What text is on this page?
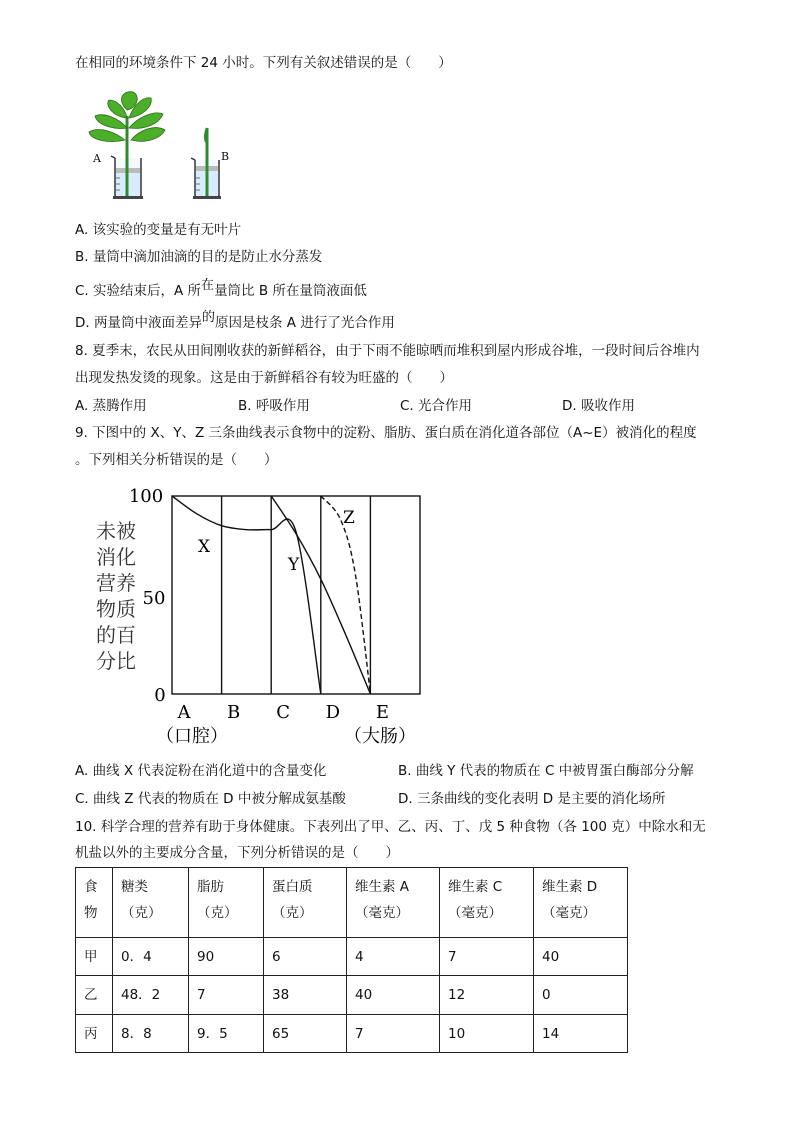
在相同的环境条件下 24 小时。下列有关叙述错误的是（　　）
A	B
A. 该实验的变量是有无叶片
B. 量筒中滴加油滴的目的是防止水分蒸发
C. 实验结束后，A 所在量筒比 B 所在量筒液面低
D. 两量筒中液面差异的原因是枝条 A 进行了光合作用
8. 夏季末，农民从田间刚收获的新鲜稻谷，由于下雨不能晾晒而堆积到屋内形成谷堆，一段时间后谷堆内
出现发热发烫的现象。这是由于新鲜稻谷有较为旺盛的（　　）
A. 蒸腾作用	B. 呼吸作用	C. 光合作用	D. 吸收作用
9. 下图中的 X、Y、Z 三条曲线表示食物中的淀粉、脂肪、蛋白质在消化道各部位（A~E）被消化的程度
。下列相关分析错误的是（　　）
未被
消化
营养
物质
的百
分比
100
50
0
X
Y
Z
A B C D E
（口腔）	（大肠）
A. 曲线 X 代表淀粉在消化道中的含量变化	B. 曲线 Y 代表的物质在 C 中被胃蛋白酶部分分解
C. 曲线 Z 代表的物质在 D 中被分解成氨基酸	D. 三条曲线的变化表明 D 是主要的消化场所
10. 科学合理的营养有助于身体健康。下表列出了甲、乙、丙、丁、戊 5 种食物（各 100 克）中除水和无
机盐以外的主要成分含量，下列分析错误的是（　　）
食物	糖类（克）	脂肪（克）	蛋白质（克）	维生素 A（毫克）	维生素 C（毫克）	维生素 D（毫克）
甲	0．4	90	6	4	7	40
乙	48．2	7	38	40	12	0
丙	8．8	9．5	65	7	10	14
